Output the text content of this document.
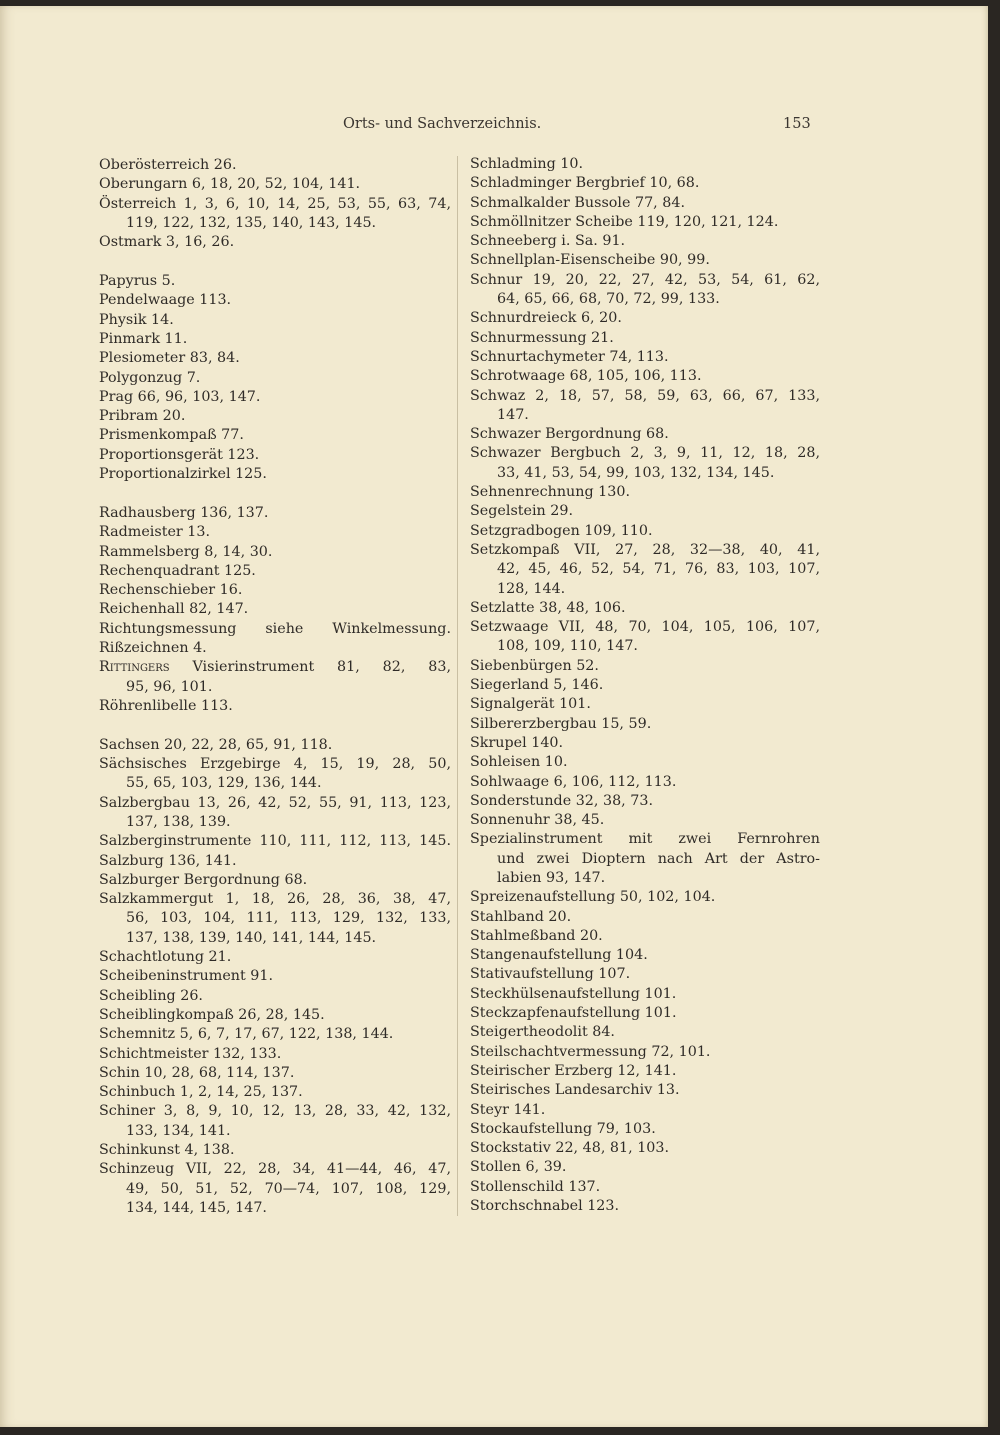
Orts- und Sachverzeichnis.	153
Oberösterreich 26.
Oberungarn 6, 18, 20, 52, 104, 141.
Österreich 1, 3, 6, 10, 14, 25, 53, 55, 63, 74,
119, 122, 132, 135, 140, 143, 145.
Ostmark 3, 16, 26.
Papyrus 5.
Pendelwaage 113.
Physik 14.
Pinmark 11.
Plesiometer 83, 84.
Polygonzug 7.
Prag 66, 96, 103, 147.
Pribram 20.
Prismenkompaß 77.
Proportionsgerät 123.
Proportionalzirkel 125.
Radhausberg 136, 137.
Radmeister 13.
Rammelsberg 8, 14, 30.
Rechenquadrant 125.
Rechenschieber 16.
Reichenhall 82, 147.
Richtungsmessung siehe Winkelmessung.
Rißzeichnen 4.
Rittingers Visierinstrument 81, 82, 83,
95, 96, 101.
Röhrenlibelle 113.
Sachsen 20, 22, 28, 65, 91, 118.
Sächsisches Erzgebirge 4, 15, 19, 28, 50,
55, 65, 103, 129, 136, 144.
Salzbergbau 13, 26, 42, 52, 55, 91, 113, 123,
137, 138, 139.
Salzberginstrumente 110, 111, 112, 113, 145.
Salzburg 136, 141.
Salzburger Bergordnung 68.
Salzkammergut 1, 18, 26, 28, 36, 38, 47,
56, 103, 104, 111, 113, 129, 132, 133,
137, 138, 139, 140, 141, 144, 145.
Schachtlotung 21.
Scheibeninstrument 91.
Scheibling 26.
Scheiblingkompaß 26, 28, 145.
Schemnitz 5, 6, 7, 17, 67, 122, 138, 144.
Schichtmeister 132, 133.
Schin 10, 28, 68, 114, 137.
Schinbuch 1, 2, 14, 25, 137.
Schiner 3, 8, 9, 10, 12, 13, 28, 33, 42, 132,
133, 134, 141.
Schinkunst 4, 138.
Schinzeug VII, 22, 28, 34, 41—44, 46, 47,
49, 50, 51, 52, 70—74, 107, 108, 129,
134, 144, 145, 147.
Schladming 10.
Schladminger Bergbrief 10, 68.
Schmalkalder Bussole 77, 84.
Schmöllnitzer Scheibe 119, 120, 121, 124.
Schneeberg i. Sa. 91.
Schnellplan-Eisenscheibe 90, 99.
Schnur 19, 20, 22, 27, 42, 53, 54, 61, 62,
64, 65, 66, 68, 70, 72, 99, 133.
Schnurdreieck 6, 20.
Schnurmessung 21.
Schnurtachymeter 74, 113.
Schrotwaage 68, 105, 106, 113.
Schwaz 2, 18, 57, 58, 59, 63, 66, 67, 133,
147.
Schwazer Bergordnung 68.
Schwazer Bergbuch 2, 3, 9, 11, 12, 18, 28,
33, 41, 53, 54, 99, 103, 132, 134, 145.
Sehnenrechnung 130.
Segelstein 29.
Setzgradbogen 109, 110.
Setzkompaß VII, 27, 28, 32—38, 40, 41,
42, 45, 46, 52, 54, 71, 76, 83, 103, 107,
128, 144.
Setzlatte 38, 48, 106.
Setzwaage VII, 48, 70, 104, 105, 106, 107,
108, 109, 110, 147.
Siebenbürgen 52.
Siegerland 5, 146.
Signalgerät 101.
Silbererzbergbau 15, 59.
Skrupel 140.
Sohleisen 10.
Sohlwaage 6, 106, 112, 113.
Sonderstunde 32, 38, 73.
Sonnenuhr 38, 45.
Spezialinstrument mit zwei Fernrohren
und zwei Dioptern nach Art der Astro-
labien 93, 147.
Spreizenaufstellung 50, 102, 104.
Stahlband 20.
Stahlmeßband 20.
Stangenaufstellung 104.
Stativaufstellung 107.
Steckhülsenaufstellung 101.
Steckzapfenaufstellung 101.
Steigertheodolit 84.
Steilschachtvermessung 72, 101.
Steirischer Erzberg 12, 141.
Steirisches Landesarchiv 13.
Steyr 141.
Stockaufstellung 79, 103.
Stockstativ 22, 48, 81, 103.
Stollen 6, 39.
Stollenschild 137.
Storchschnabel 123.
